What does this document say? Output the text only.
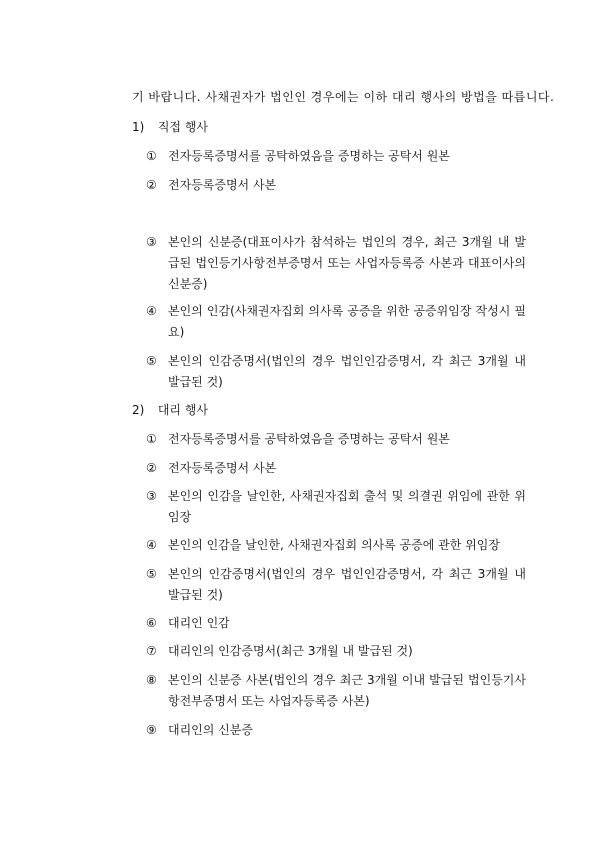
기 바랍니다. 사채권자가 법인인 경우에는 이하 대리 행사의 방법을 따릅니다.
1) 직접 행사
① 전자등록증명서를 공탁하였음을 증명하는 공탁서 원본
② 전자등록증명서 사본
③ 본인의 신분증(대표이사가 참석하는 법인의 경우, 최근 3개월 내 발급된 법인등기사항전부증명서 또는 사업자등록증 사본과 대표이사의 신분증)
④ 본인의 인감(사채권자집회 의사록 공증을 위한 공증위임장 작성시 필요)
⑤ 본인의 인감증명서(법인의 경우 법인인감증명서, 각 최근 3개월 내 발급된 것)
2) 대리 행사
① 전자등록증명서를 공탁하였음을 증명하는 공탁서 원본
② 전자등록증명서 사본
③ 본인의 인감을 날인한, 사채권자집회 출석 및 의결권 위임에 관한 위임장
④ 본인의 인감을 날인한, 사채권자집회 의사록 공증에 관한 위임장
⑤ 본인의 인감증명서(법인의 경우 법인인감증명서, 각 최근 3개월 내 발급된 것)
⑥ 대리인 인감
⑦ 대리인의 인감증명서(최근 3개월 내 발급된 것)
⑧ 본인의 신분증 사본(법인의 경우 최근 3개월 이내 발급된 법인등기사항전부증명서 또는 사업자등록증 사본)
⑨ 대리인의 신분증
